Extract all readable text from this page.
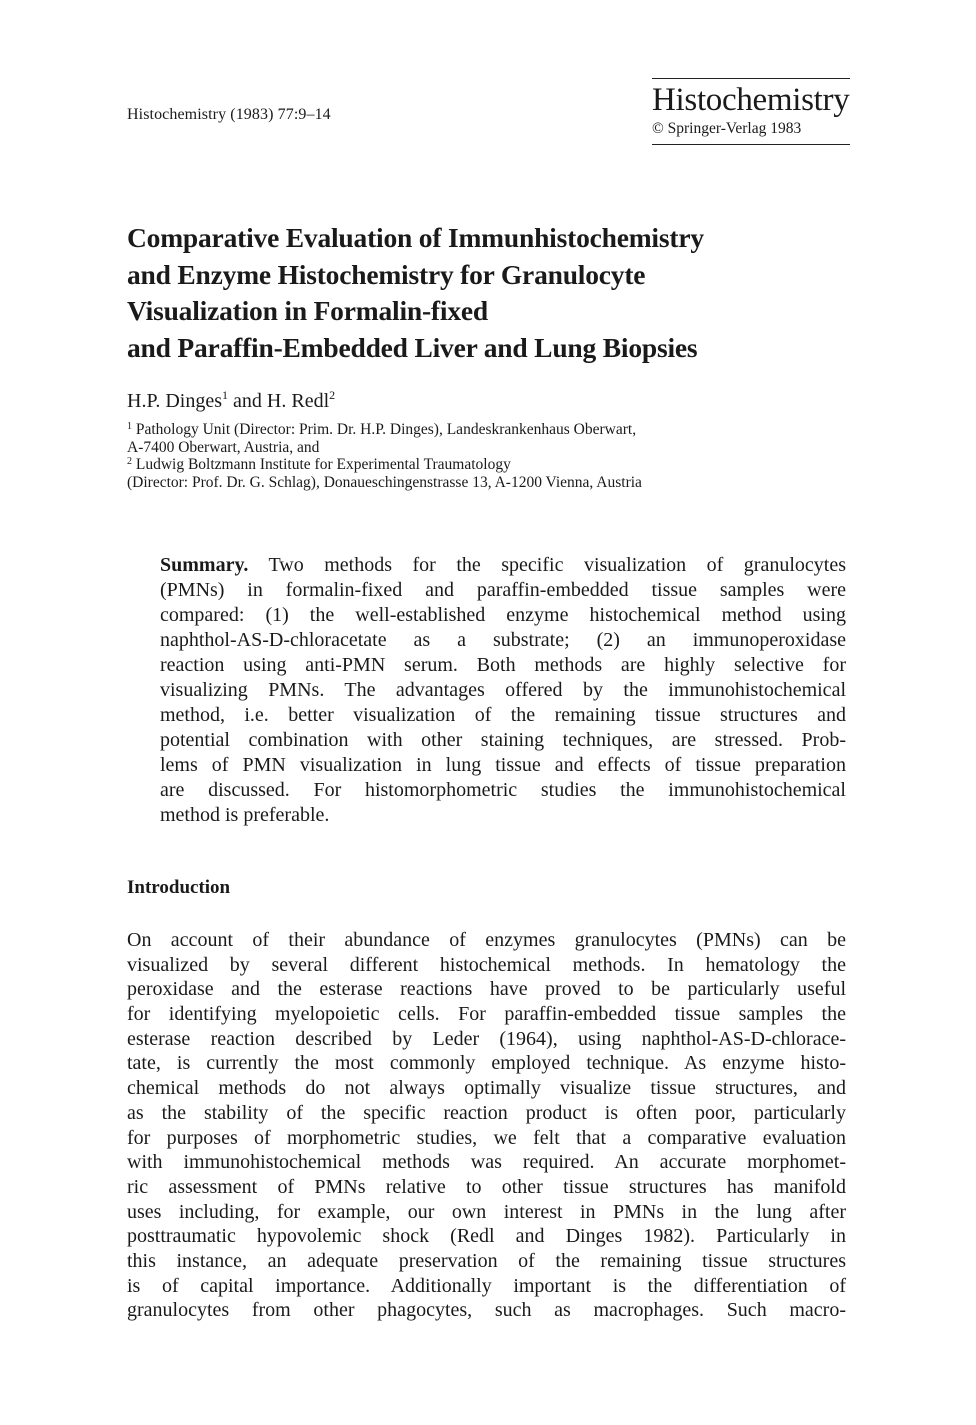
Histochemistry (1983) 77:9–14	Histochemistry
© Springer-Verlag 1983
Comparative Evaluation of Immunhistochemistry
and Enzyme Histochemistry for Granulocyte
Visualization in Formalin-fixed
and Paraffin-Embedded Liver and Lung Biopsies
H.P. Dinges$^1$ and H. Redl$^2$
$^1$ Pathology Unit (Director: Prim. Dr. H.P. Dinges), Landeskrankenhaus Oberwart,
A-7400 Oberwart, Austria, and
$^2$ Ludwig Boltzmann Institute for Experimental Traumatology
(Director: Prof. Dr. G. Schlag), Donaueschingenstrasse 13, A-1200 Vienna, Austria
Summary. Two methods for the specific visualization of granulocytes
(PMNs) in formalin-fixed and paraffin-embedded tissue samples were
compared: (1) the well-established enzyme histochemical method using
naphthol-AS-D-chloracetate as a substrate; (2) an immunoperoxidase
reaction using anti-PMN serum. Both methods are highly selective for
visualizing PMNs. The advantages offered by the immunohistochemical
method, i.e. better visualization of the remaining tissue structures and
potential combination with other staining techniques, are stressed. Prob-
lems of PMN visualization in lung tissue and effects of tissue preparation
are discussed. For histomorphometric studies the immunohistochemical
method is preferable.
Introduction
On account of their abundance of enzymes granulocytes (PMNs) can be
visualized by several different histochemical methods. In hematology the
peroxidase and the esterase reactions have proved to be particularly useful
for identifying myelopoietic cells. For paraffin-embedded tissue samples the
esterase reaction described by Leder (1964), using naphthol-AS-D-chlorace-
tate, is currently the most commonly employed technique. As enzyme histo-
chemical methods do not always optimally visualize tissue structures, and
as the stability of the specific reaction product is often poor, particularly
for purposes of morphometric studies, we felt that a comparative evaluation
with immunohistochemical methods was required. An accurate morphomet-
ric assessment of PMNs relative to other tissue structures has manifold
uses including, for example, our own interest in PMNs in the lung after
posttraumatic hypovolemic shock (Redl and Dinges 1982). Particularly in
this instance, an adequate preservation of the remaining tissue structures
is of capital importance. Additionally important is the differentiation of
granulocytes from other phagocytes, such as macrophages. Such macro-
